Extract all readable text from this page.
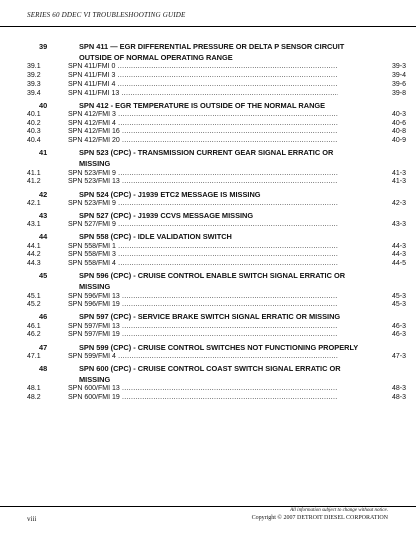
SERIES 60 DDEC VI TROUBLESHOOTING GUIDE
39	SPN 411 — EGR DIFFERENTIAL PRESSURE OR DELTA P SENSOR CIRCUIT OUTSIDE OF NORMAL OPERATING RANGE
39.1	SPN 411/FMI 0 .....	39-3
39.2	SPN 411/FMI 3 .....	39-4
39.3	SPN 411/FMI 4 .....	39-6
39.4	SPN 411/FMI 13 .....	39-8
40	SPN 412 - EGR TEMPERATURE IS OUTSIDE OF THE NORMAL RANGE
40.1	SPN 412/FMI 3 .....	40-3
40.2	SPN 412/FMI 4 .....	40-6
40.3	SPN 412/FMI 16 .....	40-8
40.4	SPN 412/FMI 20 .....	40-9
41	SPN 523 (CPC) - TRANSMISSION CURRENT GEAR SIGNAL ERRATIC OR MISSING
41.1	SPN 523/FMI 9 .....	41-3
41.2	SPN 523/FMI 13 .....	41-3
42	SPN 524 (CPC) - J1939 ETC2 MESSAGE IS MISSING
42.1	SPN 523/FMI 9 .....	42-3
43	SPN 527 (CPC) - J1939 CCVS MESSAGE MISSING
43.1	SPN 527/FMI 9 .....	43-3
44	SPN 558 (CPC) - IDLE VALIDATION SWITCH
44.1	SPN 558/FMI 1 .....	44-3
44.2	SPN 558/FMI 3 .....	44-3
44.3	SPN 558/FMI 4 .....	44-5
45	SPN 596 (CPC) - CRUISE CONTROL ENABLE SWITCH SIGNAL ERRATIC OR MISSING
45.1	SPN 596/FMI 13 .....	45-3
45.2	SPN 596/FMI 19 .....	45-3
46	SPN 597 (CPC) - SERVICE BRAKE SWITCH SIGNAL ERRATIC OR MISSING
46.1	SPN 597/FMI 13 .....	46-3
46.2	SPN 597/FMI 19 .....	46-3
47	SPN 599 (CPC) - CRUISE CONTROL SWITCHES NOT FUNCTIONING PROPERLY
47.1	SPN 599/FMI 4 .....	47-3
48	SPN 600 (CPC) - CRUISE CONTROL COAST SWITCH SIGNAL ERRATIC OR MISSING
48.1	SPN 600/FMI 13 .....	48-3
48.2	SPN 600/FMI 19 .....	48-3
viii
All information subject to change without notice.
Copyright © 2007 DETROIT DIESEL CORPORATION
